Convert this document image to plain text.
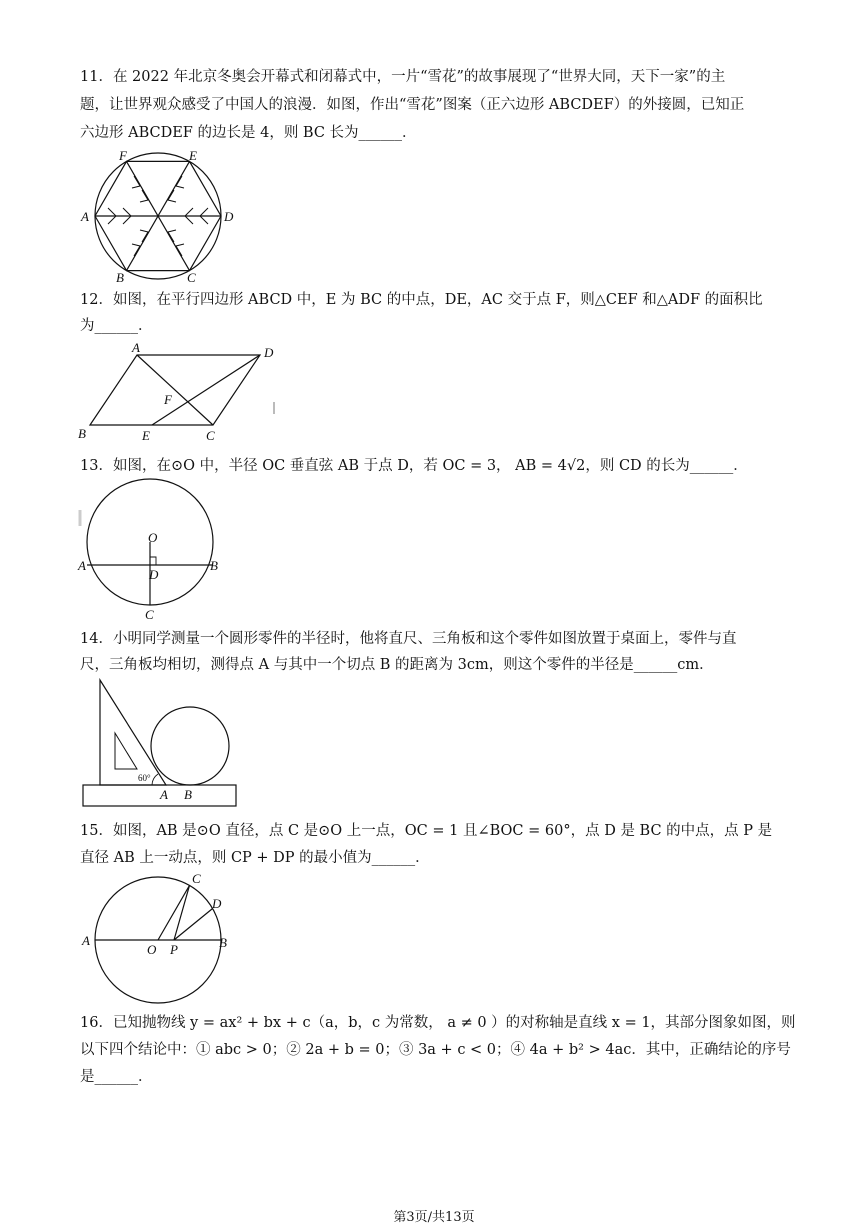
11．在 2022 年北京冬奥会开幕式和闭幕式中，一片“雪花”的故事展现了“世界大同，天下一家”的主
题，让世界观众感受了中国人的浪漫．如图，作出“雪花”图案（正六边形 ABCDEF）的外接圆，已知正
六边形 ABCDEF 的边长是 4，则 BC 长为______．
A	D
F	E
B	C
12．如图，在平行四边形 ABCD 中，E 为 BC 的中点，DE，AC 交于点 F，则△CEF 和△ADF 的面积比
为______．
A	D
B	E	C
F
13．如图，在⊙O 中，半径 OC 垂直弦 AB 于点 D，若 OC = 3， AB = 4√2，则 CD 的长为______．
O
A	B
D
C
14．小明同学测量一个圆形零件的半径时，他将直尺、三角板和这个零件如图放置于桌面上，零件与直
尺，三角板均相切，测得点 A 与其中一个切点 B 的距离为 3cm，则这个零件的半径是______cm．
60°
A B
15．如图，AB 是⊙O 直径，点 C 是⊙O 上一点，OC = 1 且∠BOC = 60°，点 D 是 BC 的中点，点 P 是
直径 AB 上一动点，则 CP + DP 的最小值为______．
C
D
A	B
O P
16．已知抛物线 y = ax² + bx + c（a，b，c 为常数， a ≠ 0 ）的对称轴是直线 x = 1，其部分图象如图，则
以下四个结论中：① abc > 0；② 2a + b = 0；③ 3a + c < 0；④ 4a + b² > 4ac．其中，正确结论的序号
是______．
第3页/共13页
